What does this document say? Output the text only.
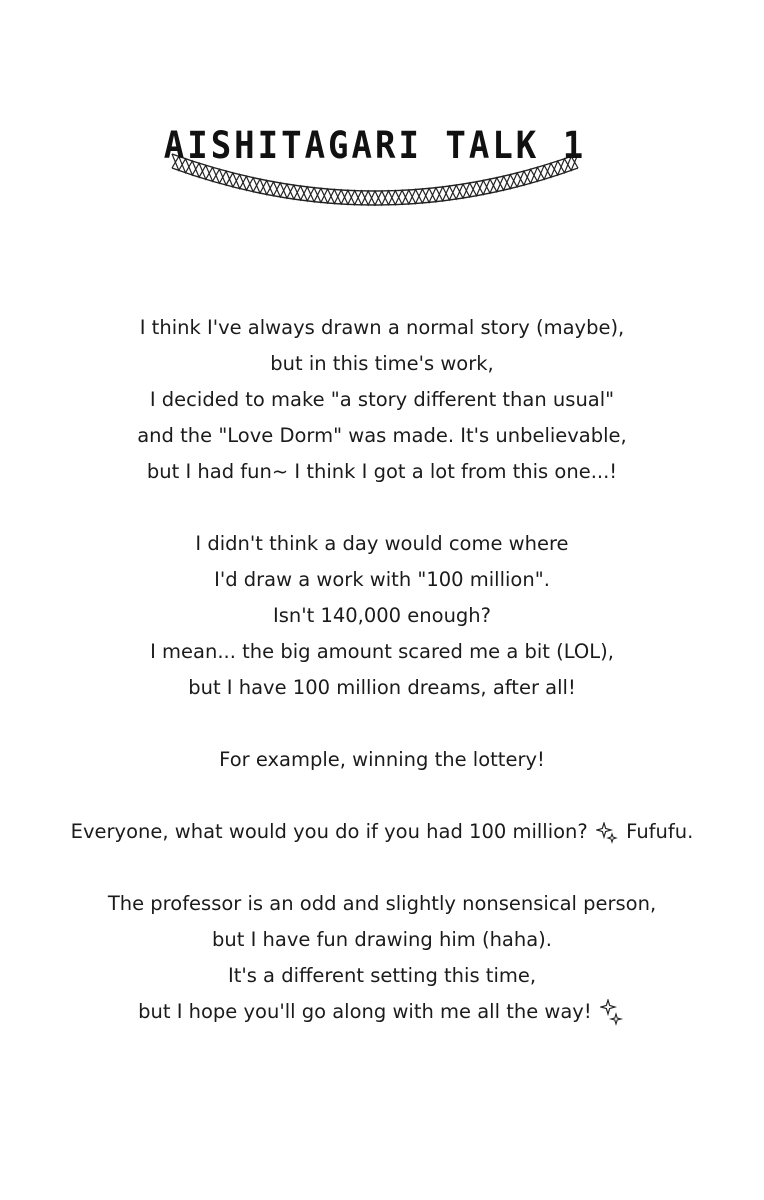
AISHITAGARI TALK 1

I think I've always drawn a normal story (maybe),
but in this time's work,
I decided to make "a story different than usual"
and the "Love Dorm" was made. It's unbelievable,
but I had fun~ I think I got a lot from this one...!

I didn't think a day would come where
I'd draw a work with "100 million".
Isn't 140,000 enough?
I mean... the big amount scared me a bit (LOL),
but I have 100 million dreams, after all!

For example, winning the lottery!

Everyone, what would you do if you had 100 million? Fufufu.

The professor is an odd and slightly nonsensical person,
but I have fun drawing him (haha).
It's a different setting this time,
but I hope you'll go along with me all the way!
